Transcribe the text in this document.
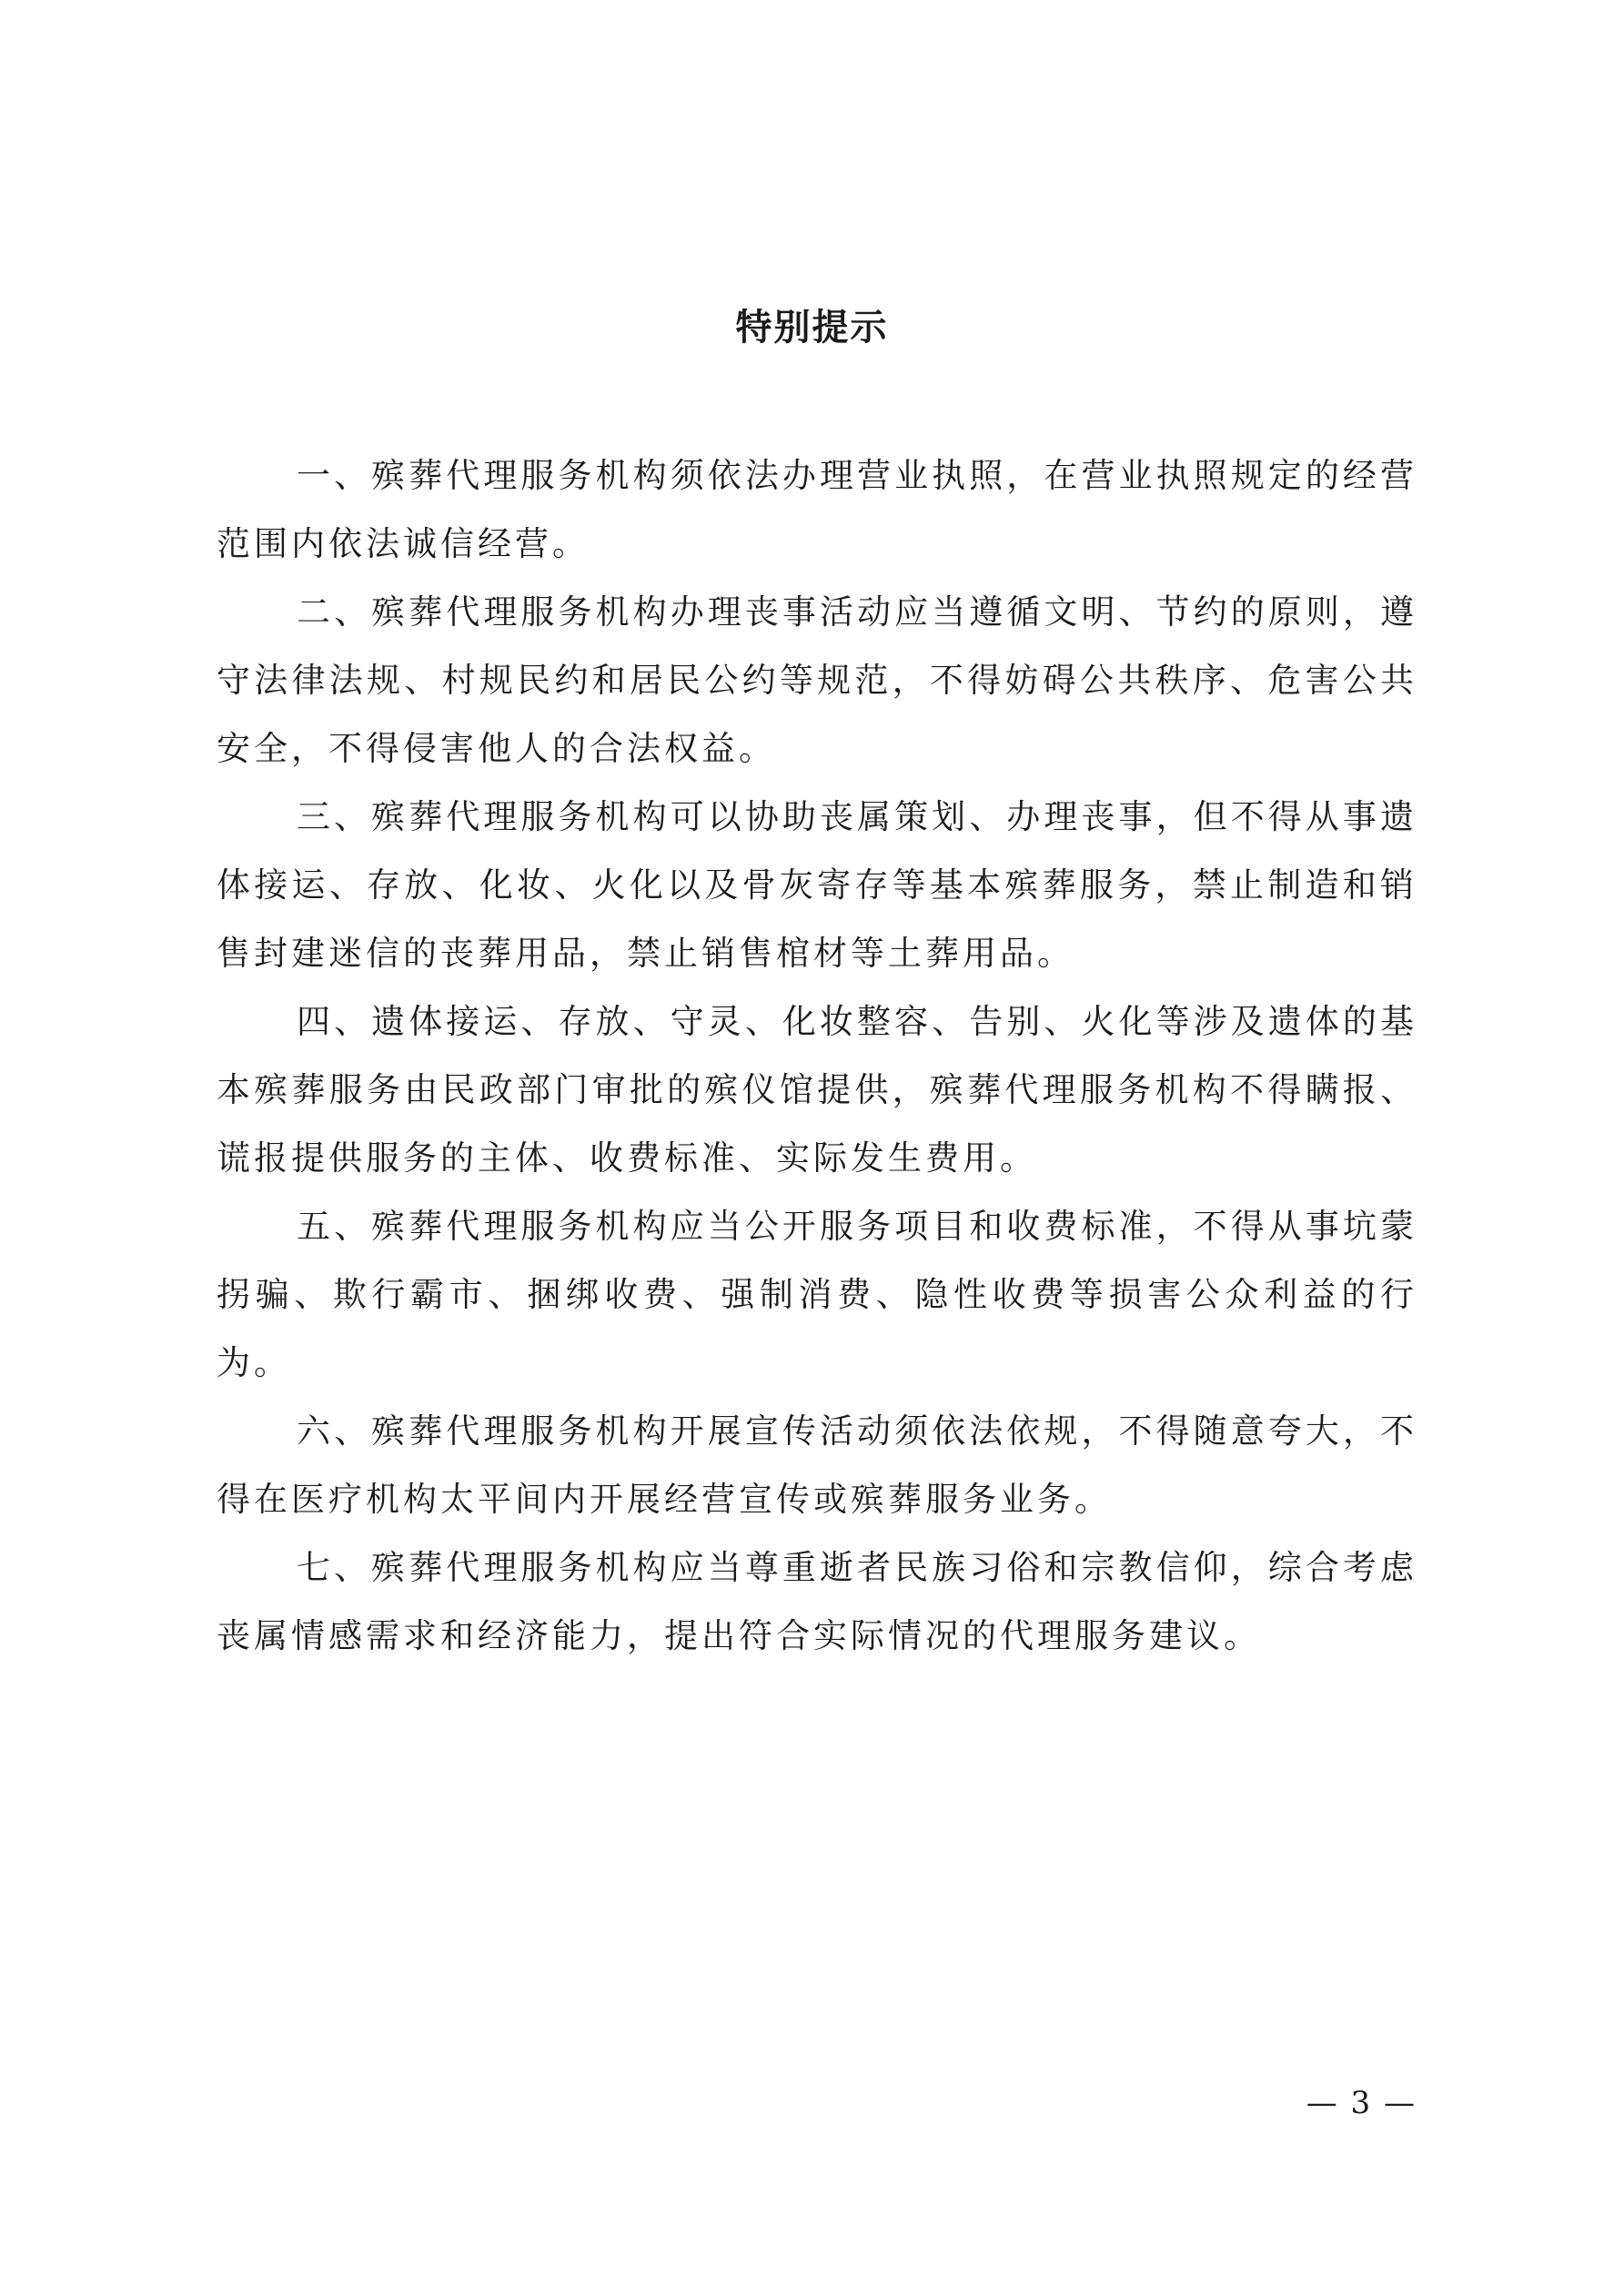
特别提示

一、殡葬代理服务机构须依法办理营业执照，在营业执照规定的经营范围内依法诚信经营。

二、殡葬代理服务机构办理丧事活动应当遵循文明、节约的原则，遵守法律法规、村规民约和居民公约等规范，不得妨碍公共秩序、危害公共安全，不得侵害他人的合法权益。

三、殡葬代理服务机构可以协助丧属策划、办理丧事，但不得从事遗体接运、存放、化妆、火化以及骨灰寄存等基本殡葬服务，禁止制造和销售封建迷信的丧葬用品，禁止销售棺材等土葬用品。

四、遗体接运、存放、守灵、化妆整容、告别、火化等涉及遗体的基本殡葬服务由民政部门审批的殡仪馆提供，殡葬代理服务机构不得瞒报、谎报提供服务的主体、收费标准、实际发生费用。

五、殡葬代理服务机构应当公开服务项目和收费标准，不得从事坑蒙拐骗、欺行霸市、捆绑收费、强制消费、隐性收费等损害公众利益的行为。

六、殡葬代理服务机构开展宣传活动须依法依规，不得随意夸大，不得在医疗机构太平间内开展经营宣传或殡葬服务业务。

七、殡葬代理服务机构应当尊重逝者民族习俗和宗教信仰，综合考虑丧属情感需求和经济能力，提出符合实际情况的代理服务建议。

— 3 —
